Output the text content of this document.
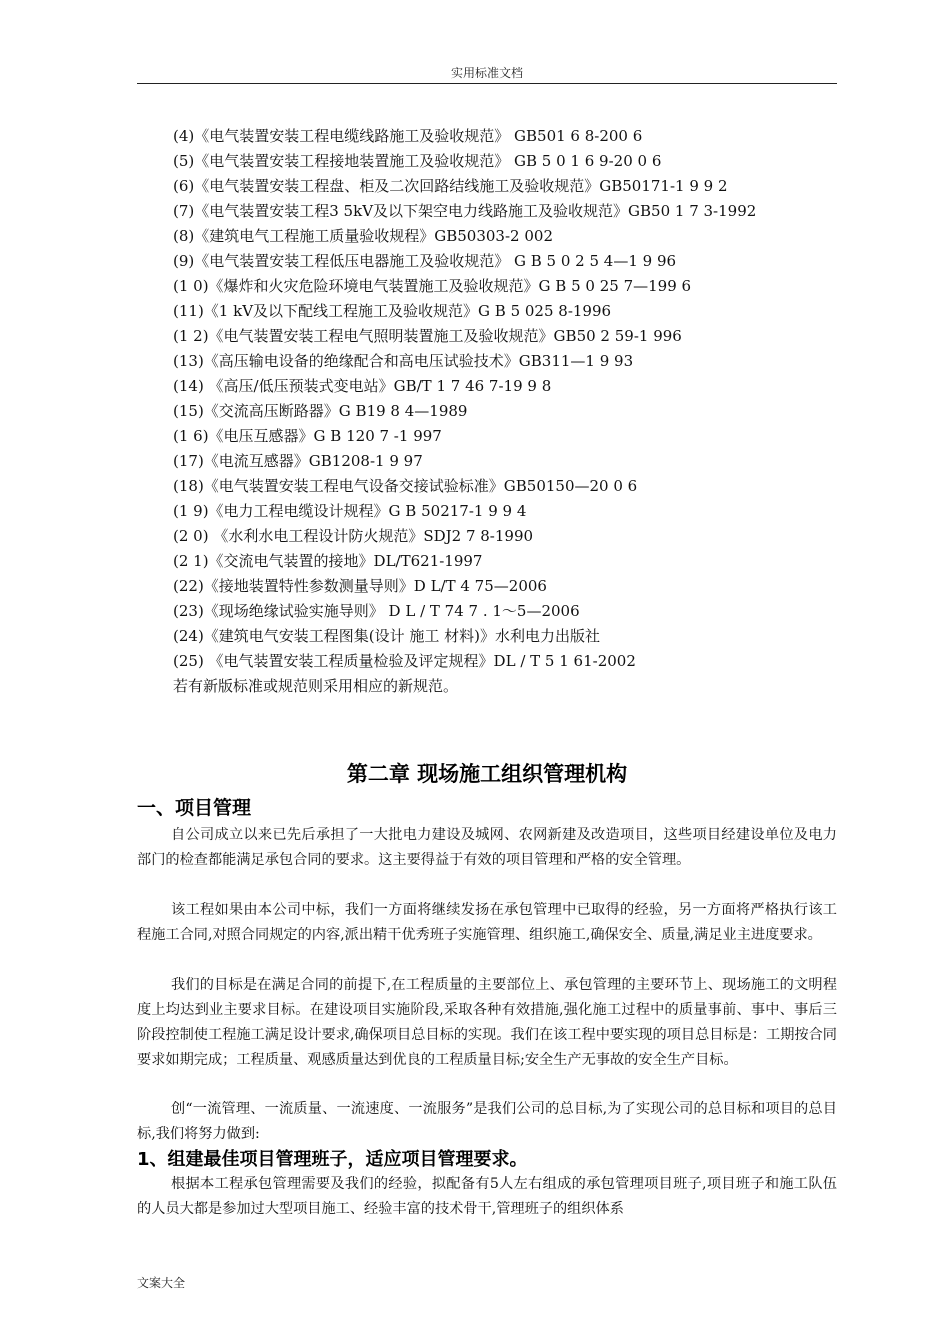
实用标准文档
(4)《电气装置安装工程电缆线路施工及验收规范》 GB501 6 8-200 6
(5)《电气装置安装工程接地装置施工及验收规范》 GB 5 0 1 6 9-20 0 6
(6)《电气装置安装工程盘、柜及二次回路结线施工及验收规范》GB50171-1 9 9 2
(7)《电气装置安装工程3 5kV及以下架空电力线路施工及验收规范》GB50 1 7 3-1992
(8)《建筑电气工程施工质量验收规程》GB50303-2 002
(9)《电气装置安装工程低压电器施工及验收规范》 G B 5 0 2 5 4—1 9 96
(1 0)《爆炸和火灾危险环境电气装置施工及验收规范》G B 5 0 25 7—199 6
(11)《1 kV及以下配线工程施工及验收规范》G B 5 025 8-1996
(1 2)《电气装置安装工程电气照明装置施工及验收规范》GB50 2 59-1 996
(13)《高压输电设备的绝缘配合和高电压试验技术》GB311—1 9 93
(14) 《高压/低压预装式变电站》GB/T 1 7 46 7-19 9 8
(15)《交流高压断路器》G B19 8 4—1989
(1 6)《电压互感器》G B 120 7 -1 997
(17)《电流互感器》GB1208-1 9 97
(18)《电气装置安装工程电气设备交接试验标准》GB50150—20 0 6
(1 9)《电力工程电缆设计规程》G B 50217-1 9 9 4
(2 0) 《水利水电工程设计防火规范》SDJ2 7 8-1990
(2 1)《交流电气装置的接地》DL/T621-1997
(22)《接地装置特性参数测量导则》D L/T 4 75—2006
(23)《现场绝缘试验实施导则》 D L / T 74 7 . 1～5—2006
(24)《建筑电气安装工程图集(设计 施工 材料)》水利电力出版社
(25) 《电气装置安装工程质量检验及评定规程》DL / T 5 1 61-2002
若有新版标准或规范则采用相应的新规范。
第二章 现场施工组织管理机构
一、项目管理

自公司成立以来已先后承担了一大批电力建设及城网、农网新建及改造项目，这些项目经建设单位及电力部门的检查都能满足承包合同的要求。这主要得益于有效的项目管理和严格的安全管理。

该工程如果由本公司中标，我们一方面将继续发扬在承包管理中已取得的经验，另一方面将严格执行该工程施工合同,对照合同规定的内容,派出精干优秀班子实施管理、组织施工,确保安全、质量,满足业主进度要求。

我们的目标是在满足合同的前提下,在工程质量的主要部位上、承包管理的主要环节上、现场施工的文明程度上均达到业主要求目标。在建设项目实施阶段,采取各种有效措施,强化施工过程中的质量事前、事中、事后三阶段控制使工程施工满足设计要求,确保项目总目标的实现。我们在该工程中要实现的项目总目标是：工期按合同要求如期完成；工程质量、观感质量达到优良的工程质量目标;安全生产无事故的安全生产目标。

创“一流管理、一流质量、一流速度、一流服务”是我们公司的总目标,为了实现公司的总目标和项目的总目标,我们将努力做到:

1、组建最佳项目管理班子，适应项目管理要求。

根据本工程承包管理需要及我们的经验，拟配备有5人左右组成的承包管理项目班子,项目班子和施工队伍的人员大都是参加过大型项目施工、经验丰富的技术骨干,管理班子的组织体系

文案大全
